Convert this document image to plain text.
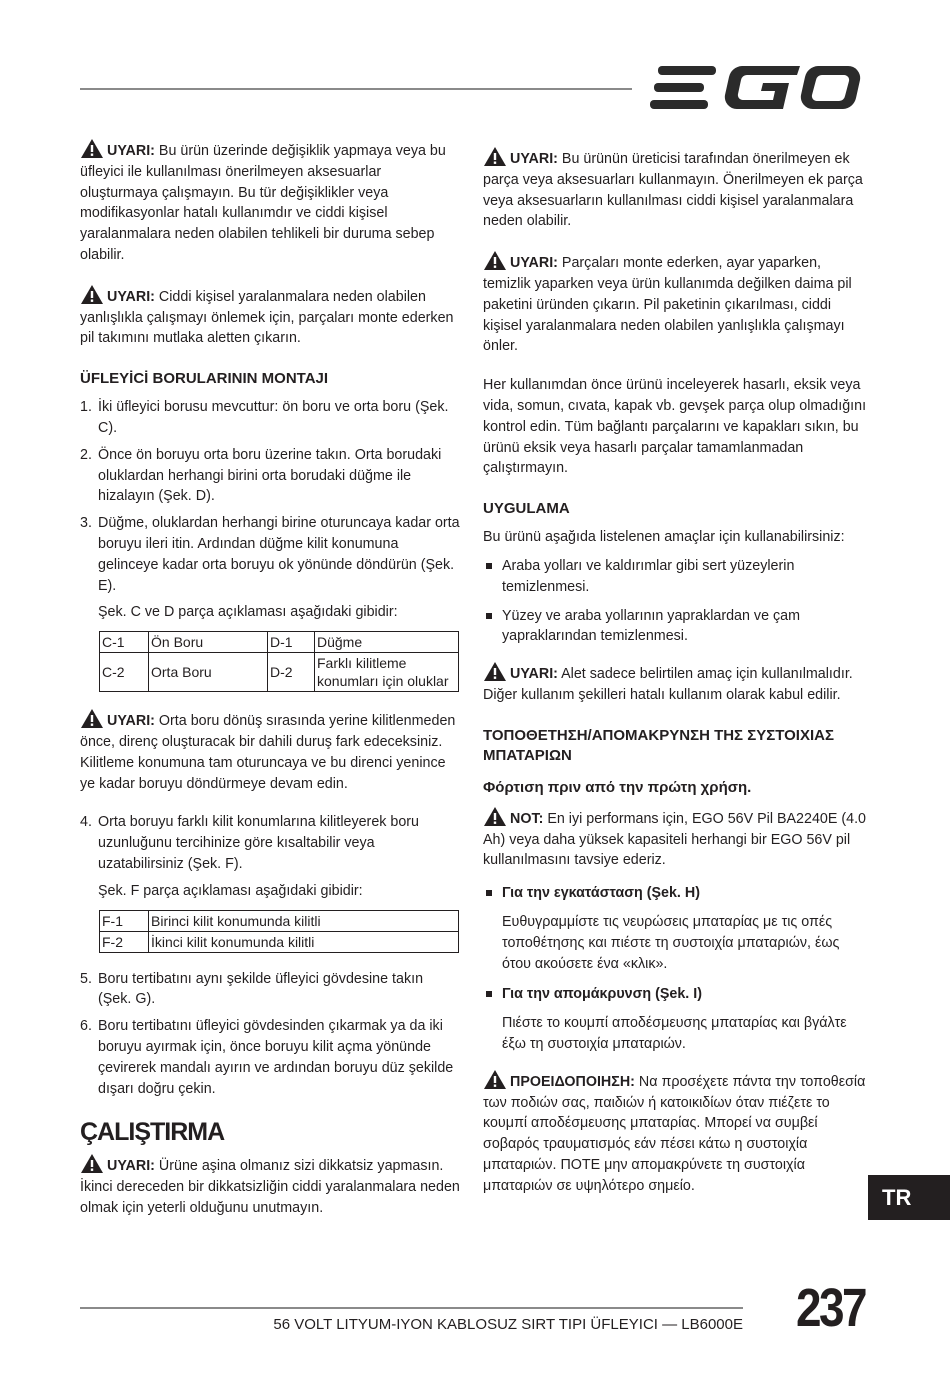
UYARI: Bu ürün üzerinde değişiklik yapmaya veya bu üfleyici ile kullanılması önerilmeyen aksesuarlar oluşturmaya çalışmayın. Bu tür değişiklikler veya modifikasyonlar hatalı kullanımdır ve ciddi kişisel yaralanmalara neden olabilen tehlikeli bir duruma sebep olabilir.

UYARI: Ciddi kişisel yaralanmalara neden olabilen yanlışlıkla çalışmayı önlemek için, parçaları monte ederken pil takımını mutlaka aletten çıkarın.

ÜFLEYİCİ BORULARININ MONTAJI
1. İki üfleyici borusu mevcuttur: ön boru ve orta boru (Şek. C).
2. Önce ön boruyu orta boru üzerine takın. Orta borudaki oluklardan herhangi birini orta borudaki düğme ile hizalayın (Şek. D).
3. Düğme, oluklardan herhangi birine oturuncaya kadar orta boruyu ileri itin. Ardından düğme kilit konumuna gelinceye kadar orta boruyu ok yönünde döndürün (Şek. E).
Şek. C ve D parça açıklaması aşağıdaki gibidir:
C-1	Ön Boru	D-1	Düğme
C-2	Orta Boru	D-2	Farklı kilitleme konumları için oluklar

UYARI: Orta boru dönüş sırasında yerine kilitlenmeden önce, direnç oluşturacak bir dahili duruş fark edeceksiniz. Kilitleme konumuna tam oturuncaya ve bu direnci yenince ye kadar boruyu döndürmeye devam edin.

4. Orta boruyu farklı kilit konumlarına kilitleyerek boru uzunluğunu tercihinize göre kısaltabilir veya uzatabilirsiniz (Şek. F).
Şek. F parça açıklaması aşağıdaki gibidir:
F-1	Birinci kilit konumunda kilitli
F-2	İkinci kilit konumunda kilitli
5. Boru tertibatını aynı şekilde üfleyici gövdesine takın (Şek. G).
6. Boru tertibatını üfleyici gövdesinden çıkarmak ya da iki boruyu ayırmak için, önce boruyu kilit açma yönünde çevirerek mandalı ayırın ve ardından boruyu düz şekilde dışarı doğru çekin.
ÇALIŞTIRMA

UYARI: Ürüne aşina olmanız sizi dikkatsiz yapmasın. İkinci dereceden bir dikkatsizliğin ciddi yaralanmalara neden olmak için yeterli olduğunu unutmayın.

UYARI: Bu ürünün üreticisi tarafından önerilmeyen ek parça veya aksesuarları kullanmayın. Önerilmeyen ek parça veya aksesuarların kullanılması ciddi kişisel yaralanmalara neden olabilir.

UYARI: Parçaları monte ederken, ayar yaparken, temizlik yaparken veya ürün kullanımda değilken daima pil paketini üründen çıkarın. Pil paketinin çıkarılması, ciddi kişisel yaralanmalara neden olabilen yanlışlıkla çalışmayı önler.

Her kullanımdan önce ürünü inceleyerek hasarlı, eksik veya vida, somun, cıvata, kapak vb. gevşek parça olup olmadığını kontrol edin. Tüm bağlantı parçalarını ve kapakları sıkın, bu ürünü eksik veya hasarlı parçalar tamamlanmadan çalıştırmayın.

UYGULAMA

Bu ürünü aşağıda listelenen amaçlar için kullanabilirsiniz:

Araba yolları ve kaldırımlar gibi sert yüzeylerin temizlenmesi.
Yüzey ve araba yollarının yapraklardan ve çam yapraklarından temizlenmesi.

UYARI: Alet sadece belirtilen amaç için kullanılmalıdır. Diğer kullanım şekilleri hatalı kullanım olarak kabul edilir.

ΤΟΠΟΘΕΤΗΣΗ/ΑΠΟΜΑΚΡΥΝΣΗ ΤΗΣ ΣΥΣΤΟΙΧΙΑΣ ΜΠΑΤΑΡΙΩΝ
Φόρτιση πριν από την πρώτη χρήση.

NOT: En iyi performans için, EGO 56V Pil BA2240E (4.0 Ah) veya daha yüksek kapasiteli herhangi bir EGO 56V pil kullanılmasını tavsiye ederiz.

Για την εγκατάσταση (Şek. H)
Ευθυγραμμίστε τις νευρώσεις μπαταρίας με τις οπές τοποθέτησης και πιέστε τη συστοιχία μπαταριών, έως ότου ακούσετε ένα «κλικ».
Για την απομάκρυνση (Şek. I)
Πιέστε το κουμπί αποδέσμευσης μπαταρίας και βγάλτε έξω τη συστοιχία μπαταριών.

ΠΡΟΕΙΔΟΠΟΙΗΣΗ: Να προσέχετε πάντα την τοποθεσία των ποδιών σας, παιδιών ή κατοικιδίων όταν πιέζετε το κουμπί αποδέσμευσης μπαταρίας. Μπορεί να συμβεί σοβαρός τραυματισμός εάν πέσει κάτω η συστοιχία μπαταριών. ΠΟΤΕ μην απομακρύνετε τη συστοιχία μπαταριών σε υψηλότερο σημείο.	TR
56 VOLT LITYUM-IYON KABLOSUZ SIRT TIPI ÜFLEYICI — LB6000E 237
